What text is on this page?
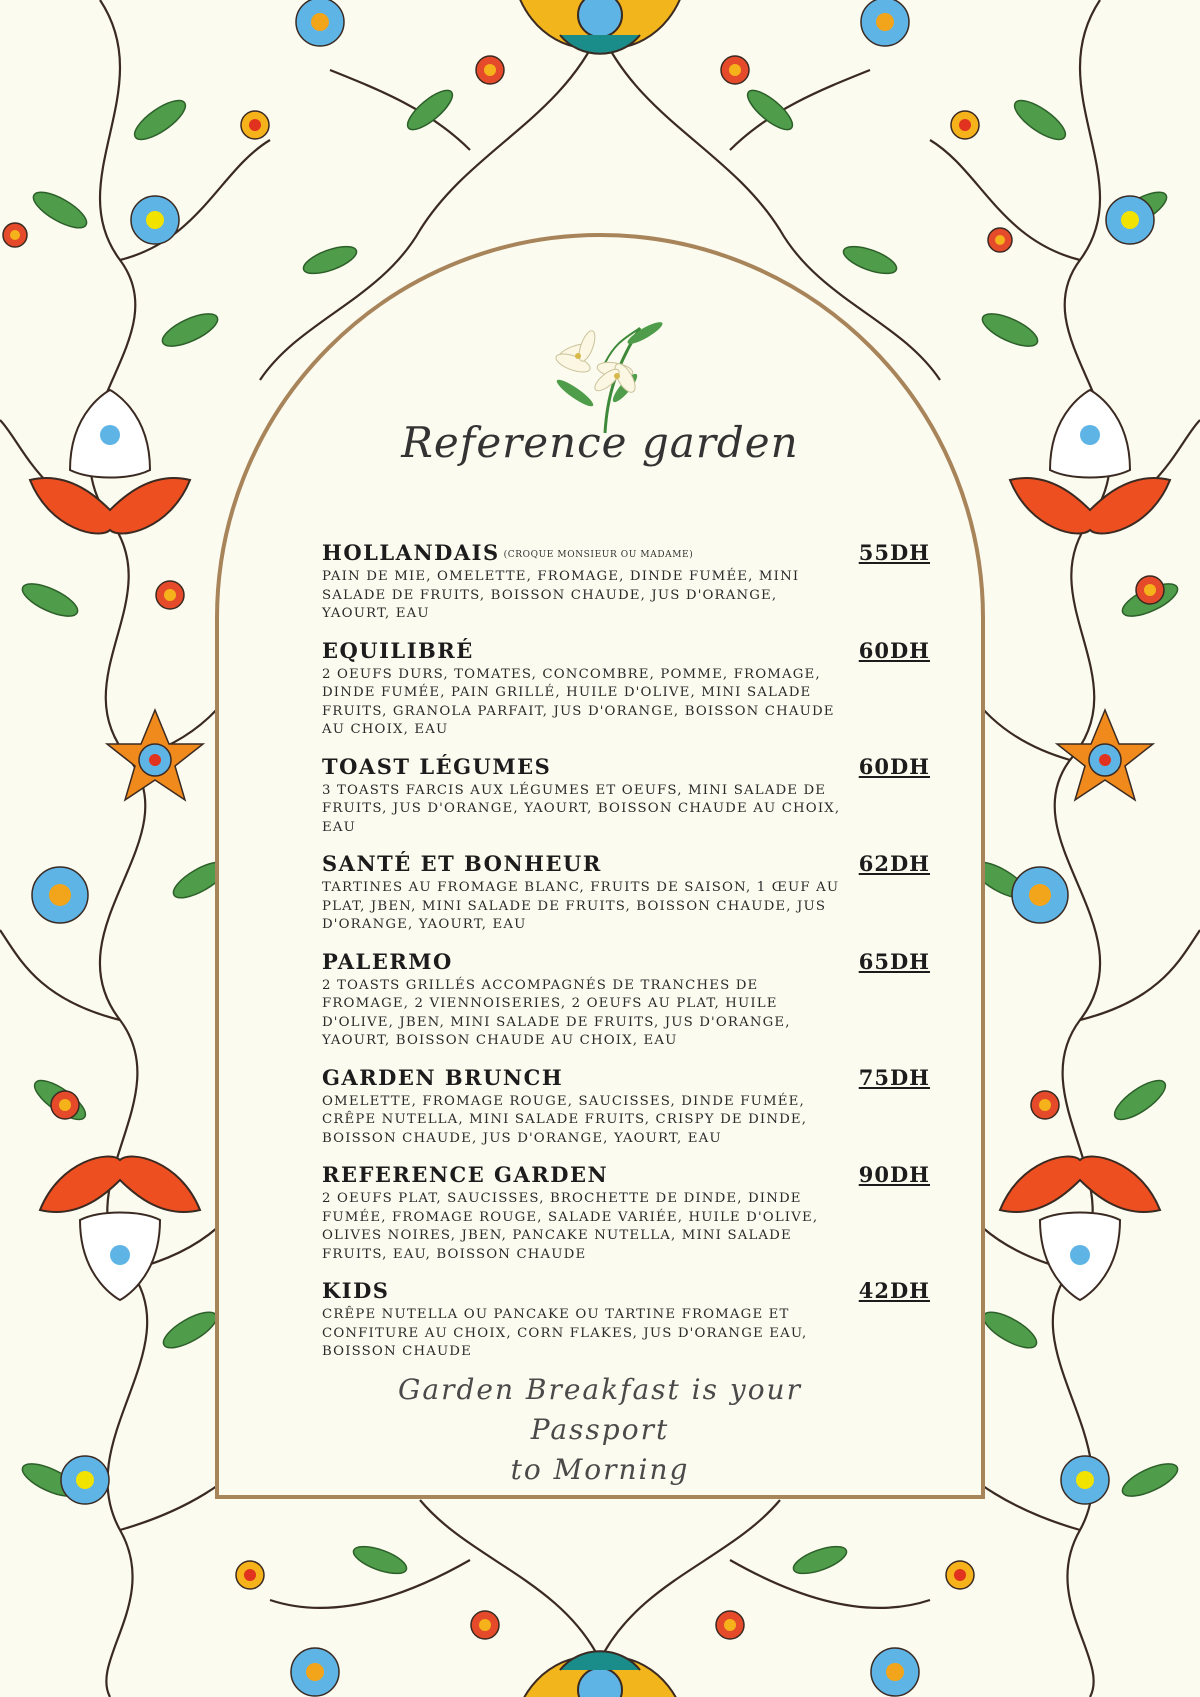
Reference garden
HOLLANDAIS (CROQUE MONSIEUR OU MADAME)	55DH
PAIN DE MIE, OMELETTE, FROMAGE, DINDE FUMÉE, MINI SALADE DE FRUITS, BOISSON CHAUDE, JUS D'ORANGE, YAOURT, EAU
EQUILIBRÉ	60DH
2 OEUFS DURS, TOMATES, CONCOMBRE, POMME, FROMAGE, DINDE FUMÉE, PAIN GRILLÉ, HUILE D'OLIVE, MINI SALADE FRUITS, GRANOLA PARFAIT, JUS D'ORANGE, BOISSON CHAUDE AU CHOIX, EAU
TOAST LÉGUMES	60DH
3 TOASTS FARCIS AUX LÉGUMES ET OEUFS, MINI SALADE DE FRUITS, JUS D'ORANGE, YAOURT, BOISSON CHAUDE AU CHOIX, EAU
SANTÉ ET BONHEUR	62DH
TARTINES AU FROMAGE BLANC, FRUITS DE SAISON, 1 ŒUF AU PLAT, JBEN, MINI SALADE DE FRUITS, BOISSON CHAUDE, JUS D'ORANGE, YAOURT, EAU
PALERMO	65DH
2 TOASTS GRILLÉS ACCOMPAGNÉS DE TRANCHES DE FROMAGE, 2 VIENNOISERIES, 2 OEUFS AU PLAT, HUILE D'OLIVE, JBEN, MINI SALADE DE FRUITS, JUS D'ORANGE, YAOURT, BOISSON CHAUDE AU CHOIX, EAU
GARDEN BRUNCH	75DH
OMELETTE, FROMAGE ROUGE, SAUCISSES, DINDE FUMÉE, CRÊPE NUTELLA, MINI SALADE FRUITS, CRISPY DE DINDE, BOISSON CHAUDE, JUS D'ORANGE, YAOURT, EAU
REFERENCE GARDEN	90DH
2 OEUFS PLAT, SAUCISSES, BROCHETTE DE DINDE, DINDE FUMÉE, FROMAGE ROUGE, SALADE VARIÉE, HUILE D'OLIVE, OLIVES NOIRES, JBEN, PANCAKE NUTELLA, MINI SALADE FRUITS, EAU, BOISSON CHAUDE
KIDS	42DH
CRÊPE NUTELLA OU PANCAKE OU TARTINE FROMAGE ET CONFITURE AU CHOIX, CORN FLAKES, JUS D'ORANGE EAU, BOISSON CHAUDE
Garden Breakfast is your Passport
to Morning
